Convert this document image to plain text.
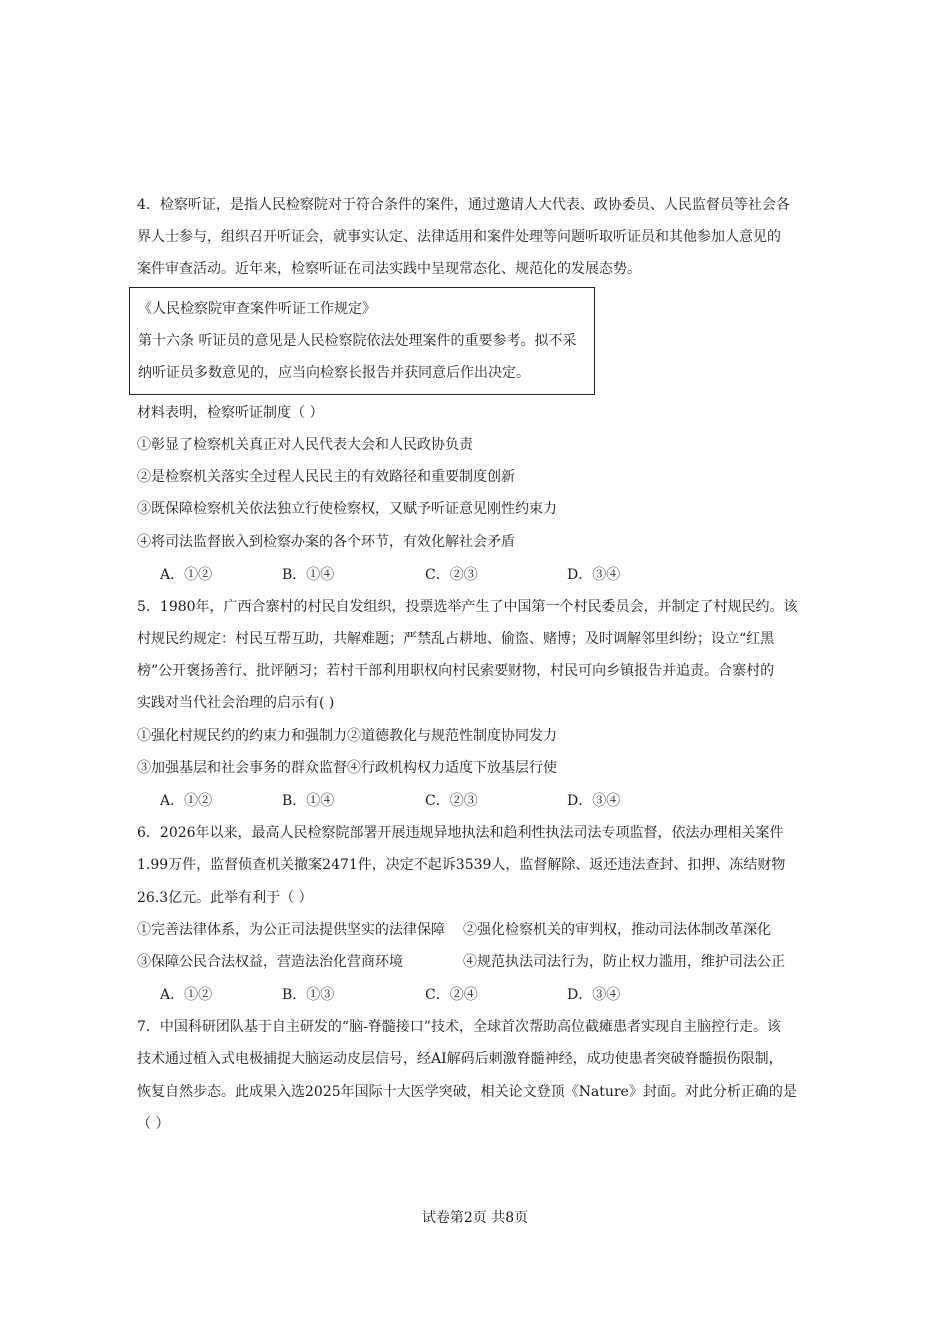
4．检察听证，是指人民检察院对于符合条件的案件，通过邀请人大代表、政协委员、人民监督员等社会各
界人士参与，组织召开听证会，就事实认定、法律适用和案件处理等问题听取听证员和其他参加人意见的
案件审查活动。近年来，检察听证在司法实践中呈现常态化、规范化的发展态势。
《人民检察院审查案件听证工作规定》
第十六条 听证员的意见是人民检察院依法处理案件的重要参考。拟不采
纳听证员多数意见的，应当向检察长报告并获同意后作出决定。
材料表明，检察听证制度（ ）
①彰显了检察机关真正对人民代表大会和人民政协负责
②是检察机关落实全过程人民民主的有效路径和重要制度创新
③既保障检察机关依法独立行使检察权，又赋予听证意见刚性约束力
④将司法监督嵌入到检察办案的各个环节，有效化解社会矛盾
A．①②	B．①④	C．②③	D．③④
5．1980年，广西合寨村的村民自发组织，投票选举产生了中国第一个村民委员会，并制定了村规民约。该
村规民约规定：村民互帮互助，共解难题；严禁乱占耕地、偷盗、赌博；及时调解邻里纠纷；设立“红黑
榜”公开褒扬善行、批评陋习；若村干部利用职权向村民索要财物，村民可向乡镇报告并追责。合寨村的
实践对当代社会治理的启示有( )
①强化村规民约的约束力和强制力②道德教化与规范性制度协同发力
③加强基层和社会事务的群众监督④行政机构权力适度下放基层行使
A．①②	B．①④	C．②③	D．③④
6．2026年以来，最高人民检察院部署开展违规异地执法和趋利性执法司法专项监督，依法办理相关案件
1.99万件，监督侦查机关撤案2471件，决定不起诉3539人，监督解除、返还违法查封、扣押、冻结财物
26.3亿元。此举有利于（ ）
①完善法律体系，为公正司法提供坚实的法律保障 ②强化检察机关的审判权，推动司法体制改革深化
③保障公民合法权益，营造法治化营商环境	④规范执法司法行为，防止权力滥用，维护司法公正
A．①②	B．①③	C．②④	D．③④
7．中国科研团队基于自主研发的“脑-脊髓接口”技术，全球首次帮助高位截瘫患者实现自主脑控行走。该
技术通过植入式电极捕捉大脑运动皮层信号，经AI解码后刺激脊髓神经，成功使患者突破脊髓损伤限制，
恢复自然步态。此成果入选2025年国际十大医学突破，相关论文登顶《Nature》封面。对此分析正确的是
（ ）
试卷第2页 共8页
